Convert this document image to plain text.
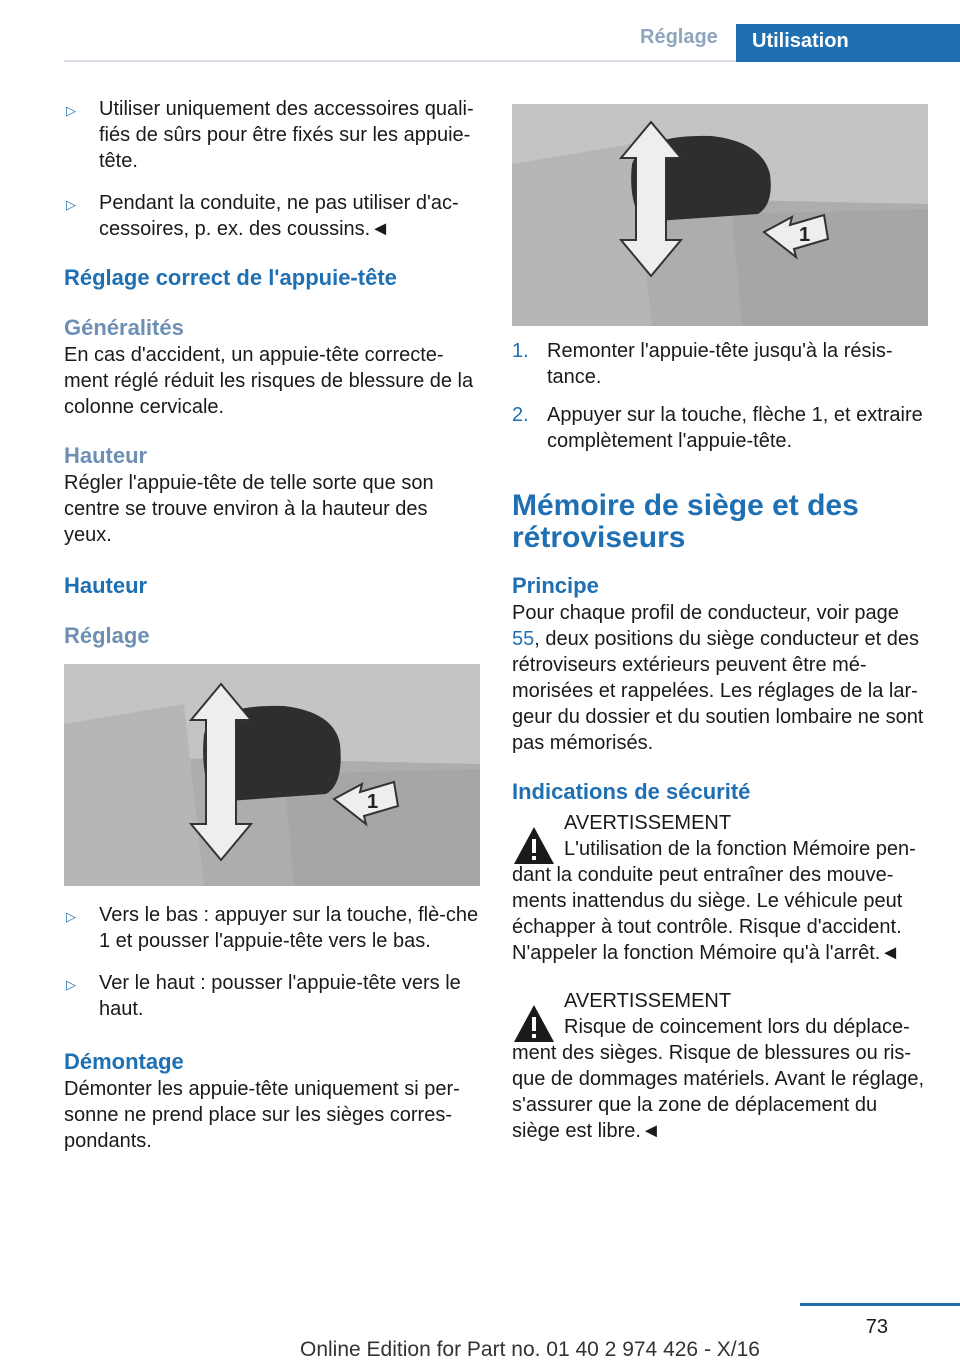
Réglage	Utilisation
▷ Utiliser uniquement des accessoires quali-fiés de sûrs pour être fixés sur les appuie-tête.
▷ Pendant la conduite, ne pas utiliser d'ac-cessoires, p. ex. des coussins.◄
Réglage correct de l'appuie-tête
Généralités

En cas d'accident, un appuie-tête correcte-ment réglé réduit les risques de blessure de la colonne cervicale.

Hauteur

Régler l'appuie-tête de telle sorte que son centre se trouve environ à la hauteur des yeux.

Hauteur
Réglage
1
▷ Vers le bas : appuyer sur la touche, flè-che 1 et pousser l'appuie-tête vers le bas.
▷ Ver le haut : pousser l'appuie-tête vers le haut.
Démontage

Démonter les appuie-tête uniquement si per-sonne ne prend place sur les sièges corres-pondants.

1
1. Remonter l'appuie-tête jusqu'à la résis-tance.
2. Appuyer sur la touche, flèche 1, et extraire complètement l'appuie-tête.
Mémoire de siège et des rétroviseurs
Principe

Pour chaque profil de conducteur, voir page 55, deux positions du siège conducteur et des rétroviseurs extérieurs peuvent être mé-morisées et rappelées. Les réglages de la lar-geur du dossier et du soutien lombaire ne sont pas mémorisés.

Indications de sécurité
AVERTISSEMENT
L'utilisation de la fonction Mémoire pen-
dant la conduite peut entraîner des mouve-ments inattendus du siège. Le véhicule peut échapper à tout contrôle. Risque d'accident. N'appeler la fonction Mémoire qu'à l'arrêt.◄
AVERTISSEMENT
Risque de coincement lors du déplace-
ment des sièges. Risque de blessures ou ris-que de dommages matériels. Avant le réglage, s'assurer que la zone de déplacement du siège est libre.◄
73
Online Edition for Part no. 01 40 2 974 426 - X/16
